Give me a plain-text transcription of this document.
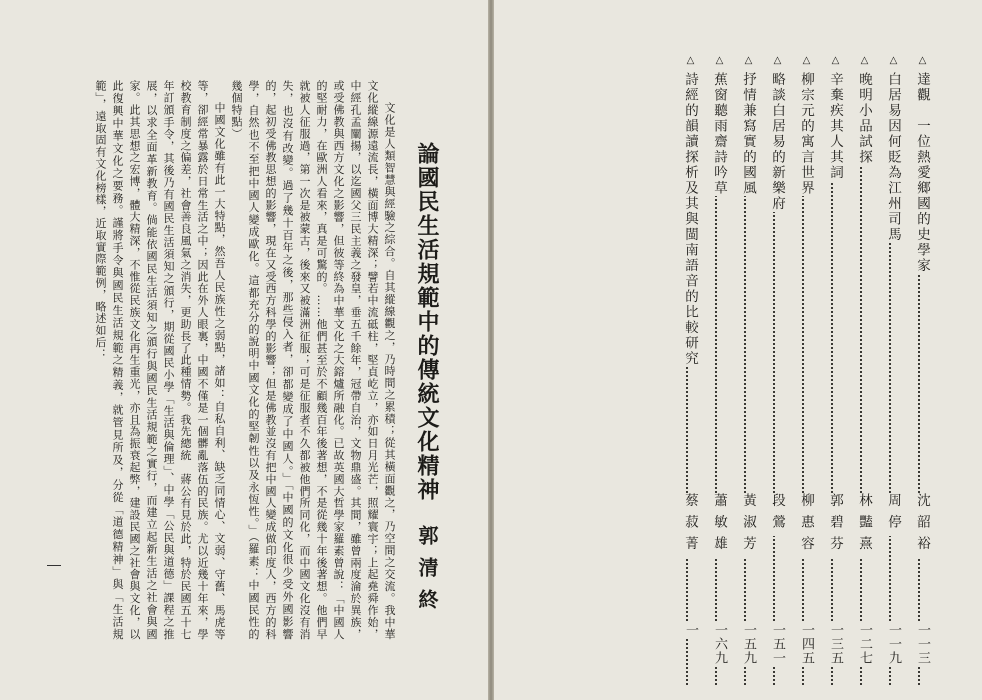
論國民生活規範中的傳統文化精神
郭清終

文化是人類智慧與經驗之綜合。自其縱線觀之，乃時間之累積；從其橫面觀之，乃空間之交流。我中華文化縱線源遠流長，橫面博大精深；譬若中流砥柱，堅貞屹立，亦如日月光芒，照耀寰宇；上起堯舜作始，中經孔孟闡揚，以迄國父三民主義之發皇，垂五千餘年，冠帶自治，文物鼎盛。其間，雖曾兩度淪於異族，或受佛教與西方文化之影響，但彼等終為中華文化之大鎔爐所融化。已故英國大哲學家羅素曾說：「中國人的堅耐力，在歐洲人看來，真是可驚的。……他們甚至於不顧幾百年後著想，不是從幾十年後著想。他們早就被人征服過，第一次是被蒙古，後來又被滿洲征服；可是征服者不久都被他們所同化，而中國文化沒有消失，也沒有改變。過了幾十百年之後，那些侵入者，卻都變成了中國人。」「中國的文化很少受外國影響的，起初受佛教思想的影響，現在又受西方科學的影響；但是佛教並沒有把中國人變成做印度人，西方的科學，自然也不至把中國人變成歐化。這都充分的說明中國文化的堅韌性以及永恆性。」（羅素：中國民性的幾個特點）

中國文化雖有此一大特點，然吾人民族性之弱點，諸如：自私自利、缺乏同情心、文弱、守舊、馬虎等等，卻經常暴露於日常生活之中；因此在外人眼裏，中國不僅是一個髒亂落伍的民族。尤以近幾十年來，學校教育制度之偏差，社會善良風氣之消失，更助長了此種情勢。我先總統　蔣公有見於此，特於民國五十七年訂頒手令，其後乃有國民生活須知之頒行，期從國民小學「生活與倫理」、中學「公民與道德」課程之推展，以求全面革新教育。倘能依國民生活須知之頒行與國民生活規範之實行，而建立起新生活之社會與國家。此其思想之宏博，體大精深，不惟從民族文化再生重光，亦且為振衰起弊，建設民國之社會與文化，以此復興中華文化之要務。謹將手令與國民生活規範之精義，就管見所及，分從「道德精神」與「生活規範」，遠取固有文化榜樣，近取實際範例，略述如后：

△達觀　一位熱愛鄉國的史學家
沈韶裕
一一三
△白居易因何貶為江州司馬
周停
一一九
△晚明小品試探
林豔熹
一二七
△辛棄疾其人其詞
郭碧芬
一三五
△柳宗元的寓言世界
柳惠容
一四五
△略談白居易的新樂府
段鶯
一五一
△抒情兼寫實的國風
黃淑芳
一五九
△蕉窗聽雨齋詩吟草
蕭敏雄
一六九
△詩經的韻讀探析及其與閩南語音的比較研究
蔡菽菁
一
